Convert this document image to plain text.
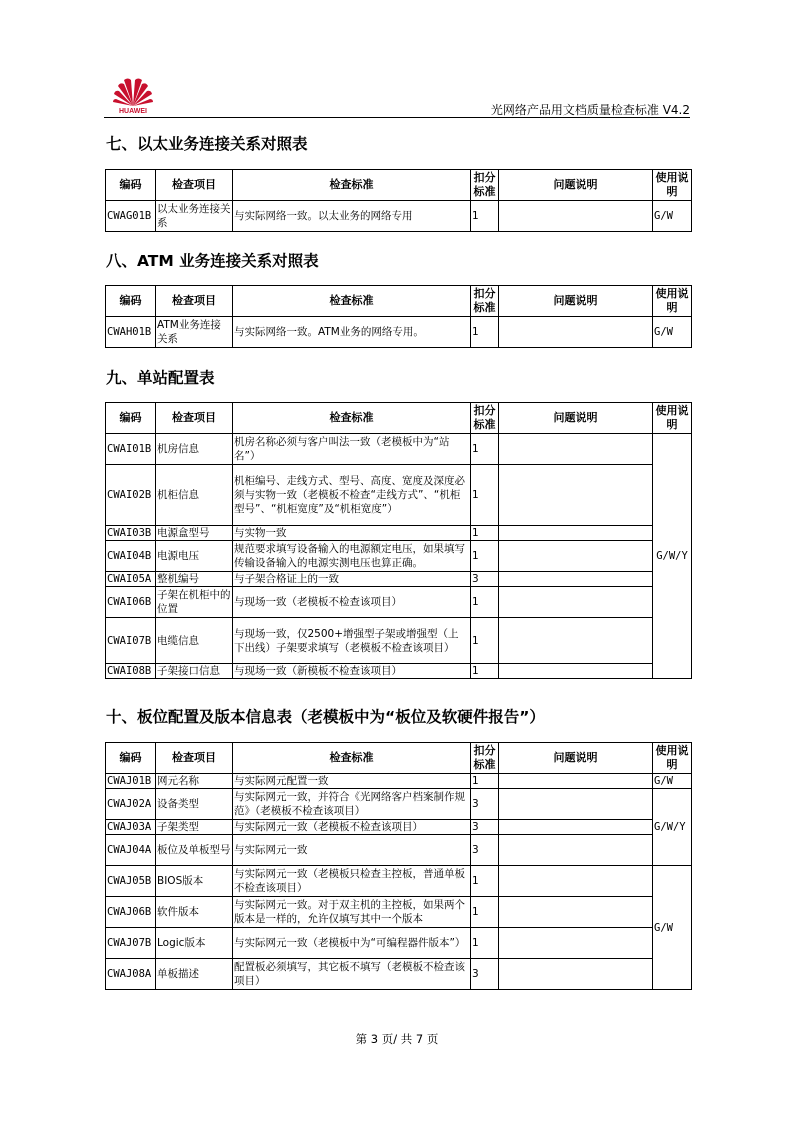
HUAWEI	光网络产品用文档质量检查标准 V4.2
七、以太业务连接关系对照表
编码	检查项目	检查标准	扣分标准	问题说明	使用说明
CWAG01B	以太业务连接关系	与实际网络一致。以太业务的网络专用	1		G/W
八、ATM 业务连接关系对照表
编码	检查项目	检查标准	扣分标准	问题说明	使用说明
CWAH01B	ATM业务连接关系	与实际网络一致。ATM业务的网络专用。	1		G/W
九、单站配置表
编码	检查项目	检查标准	扣分标准	问题说明	使用说明
CWAI01B	机房信息	机房名称必须与客户叫法一致（老模板中为“站名”）	1		G/W/Y
CWAI02B	机柜信息	机柜编号、走线方式、型号、高度、宽度及深度必须与实物一致（老模板不检查“走线方式”、“机柜型号”、“机柜宽度”及“机柜宽度”）	1		
CWAI03B	电源盒型号	与实物一致	1		
CWAI04B	电源电压	规范要求填写设备输入的电源额定电压，如果填写传输设备输入的电源实测电压也算正确。	1		
CWAI05A	整机编号	与子架合格证上的一致	3		
CWAI06B	子架在机柜中的位置	与现场一致（老模板不检查该项目）	1		
CWAI07B	电缆信息	与现场一致，仅2500+增强型子架或增强型（上下出线）子架要求填写（老模板不检查该项目）	1		
CWAI08B	子架接口信息	与现场一致（新模板不检查该项目）	1		
十、板位配置及版本信息表（老模板中为“板位及软硬件报告”）
编码	检查项目	检查标准	扣分标准	问题说明	使用说明
CWAJ01B	网元名称	与实际网元配置一致	1		G/W
CWAJ02A	设备类型	与实际网元一致，并符合《光网络客户档案制作规范》（老模板不检查该项目）	3		G/W/Y
CWAJ03A	子架类型	与实际网元一致（老模板不检查该项目）	3		
CWAJ04A	板位及单板型号	与实际网元一致	3		
CWAJ05B	BIOS版本	与实际网元一致（老模板只检查主控板，普通单板不检查该项目）	1		G/W
CWAJ06B	软件版本	与实际网元一致。对于双主机的主控板，如果两个版本是一样的，允许仅填写其中一个版本	1		
CWAJ07B	Logic版本	与实际网元一致（老模板中为“可编程器件版本”）	1		
CWAJ08A	单板描述	配置板必须填写，其它板不填写（老模板不检查该项目）	3		
第 3 页/ 共 7 页
